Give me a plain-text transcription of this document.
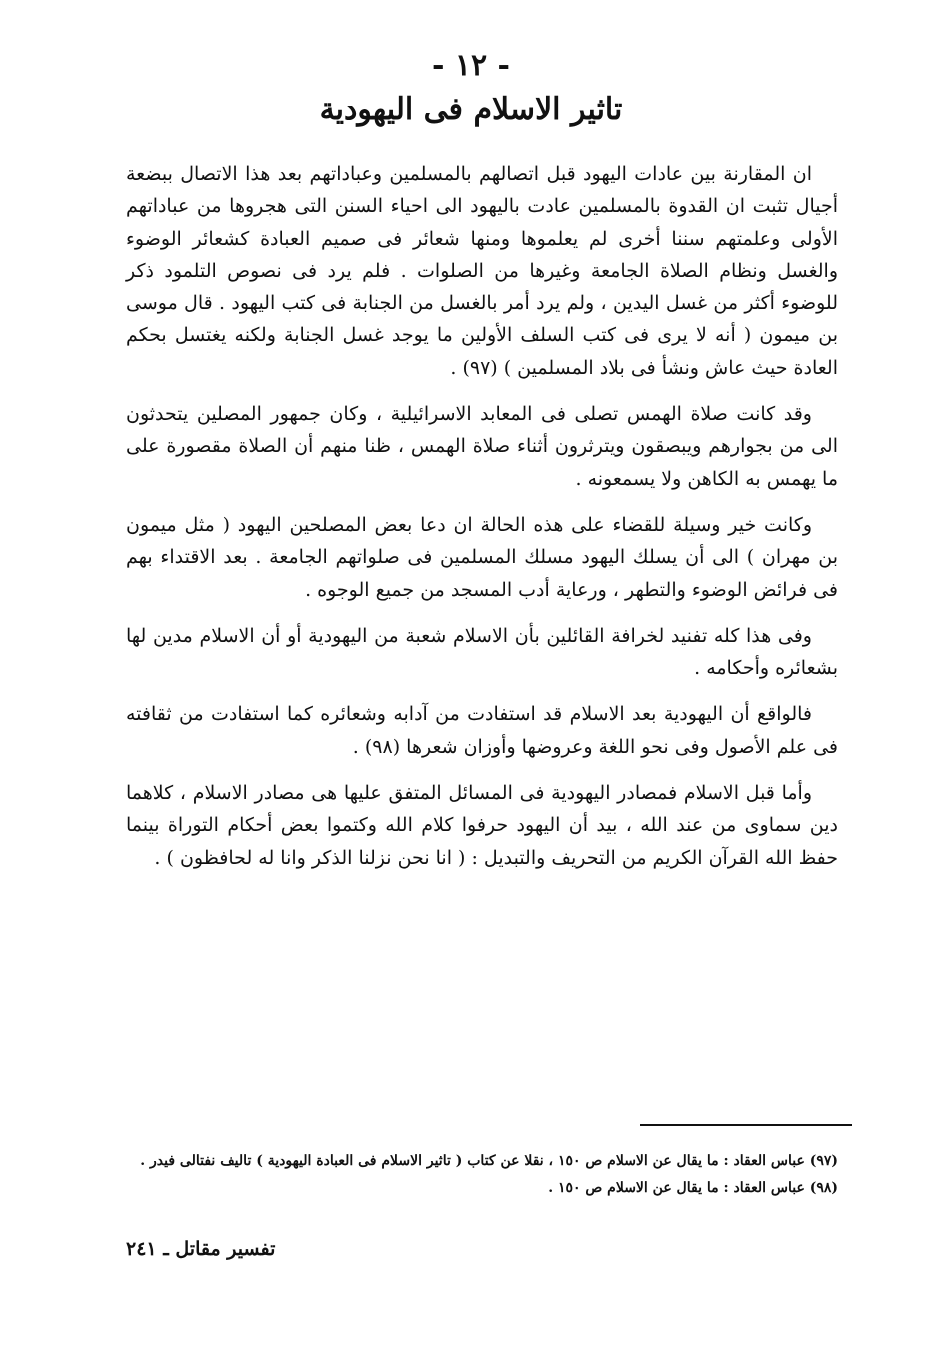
- ١٢ -
تاثير الاسلام فى اليهودية

ان المقارنة بين عادات اليهود قبل اتصالهم بالمسلمين وعباداتهم بعد هذا الاتصال ببضعة أجيال تثبت ان القدوة بالمسلمين عادت باليهود الى احياء السنن التى هجروها من عباداتهم الأولى وعلمتهم سننا أخرى لم يعلموها ومنها شعائر فى صميم العبادة كشعائر الوضوء والغسل ونظام الصلاة الجامعة وغيرها من الصلوات . فلم يرد فى نصوص التلمود ذكر للوضوء أكثر من غسل اليدين ، ولم يرد أمر بالغسل من الجنابة فى كتب اليهود . قال موسى بن ميمون ( أنه لا يرى فى كتب السلف الأولين ما يوجد غسل الجنابة ولكنه يغتسل بحكم العادة حيث عاش ونشأ فى بلاد المسلمين ) (٩٧) .

وقد كانت صلاة الهمس تصلى فى المعابد الاسرائيلية ، وكان جمهور المصلين يتحدثون الى من بجوارهم ويبصقون ويترثرون أثناء صلاة الهمس ، ظنا منهم أن الصلاة مقصورة على ما يهمس به الكاهن ولا يسمعونه .

وكانت خير وسيلة للقضاء على هذه الحالة ان دعا بعض المصلحين اليهود ( مثل ميمون بن مهران ) الى أن يسلك اليهود مسلك المسلمين فى صلواتهم الجامعة . بعد الاقتداء بهم فى فرائض الوضوء والتطهر ، ورعاية أدب المسجد من جميع الوجوه .

وفى هذا كله تفنيد لخرافة القائلين بأن الاسلام شعبة من اليهودية أو أن الاسلام مدين لها بشعائره وأحكامه .

فالواقع أن اليهودية بعد الاسلام قد استفادت من آدابه وشعائره كما استفادت من ثقافته فى علم الأصول وفى نحو اللغة وعروضها وأوزان شعرها (٩٨) .

وأما قبل الاسلام فمصادر اليهودية فى المسائل المتفق عليها هى مصادر الاسلام ، كلاهما دين سماوى من عند الله ، بيد أن اليهود حرفوا كلام الله وكتموا بعض أحكام التوراة بينما حفظ الله القرآن الكريم من التحريف والتبديل : ( انا نحن نزلنا الذكر وانا له لحافظون ) .

(٩٧) عباس العقاد : ما يقال عن الاسلام ص ١٥٠ ، نقلا عن كتاب ( تاثير الاسلام فى العبادة اليهودية ) تاليف نفتالى فيدر .

(٩٨) عباس العقاد : ما يقال عن الاسلام ص ١٥٠ .

تفسير مقاتل ـ ٢٤١
